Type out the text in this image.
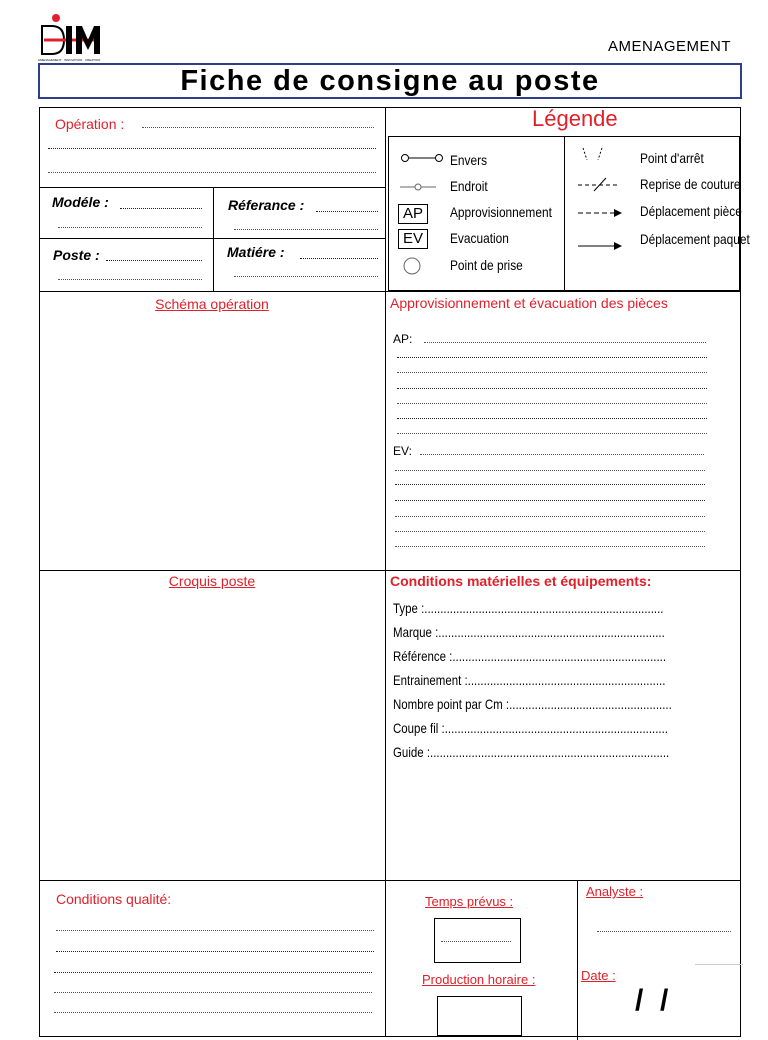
AMENAGEMENT · INNOVATION · CREATION
AMENAGEMENT
Fiche de consigne au poste
Opération :
Modéle :	Réferance :
Poste :	Matiére :
Légende
AP
EV
Envers
Endroit
Approvisionnement
Evacuation
Point de prise
Point d'arrêt
Reprise de couture
Déplacement pièce
Déplacement paquet
Schéma opération	Approvisionnement et évacuation des pièces
AP:
EV:
Croquis poste	Conditions matérielles et équipements:
Type :...........................................................................
Marque :.......................................................................
Référence :...................................................................
Entrainement :..............................................................
Nombre point par Cm :...................................................
Coupe fil :......................................................................
Guide :...........................................................................
Conditions qualité:	Temps prévus :
Production horaire :
Analyste :
Date :
/  /
